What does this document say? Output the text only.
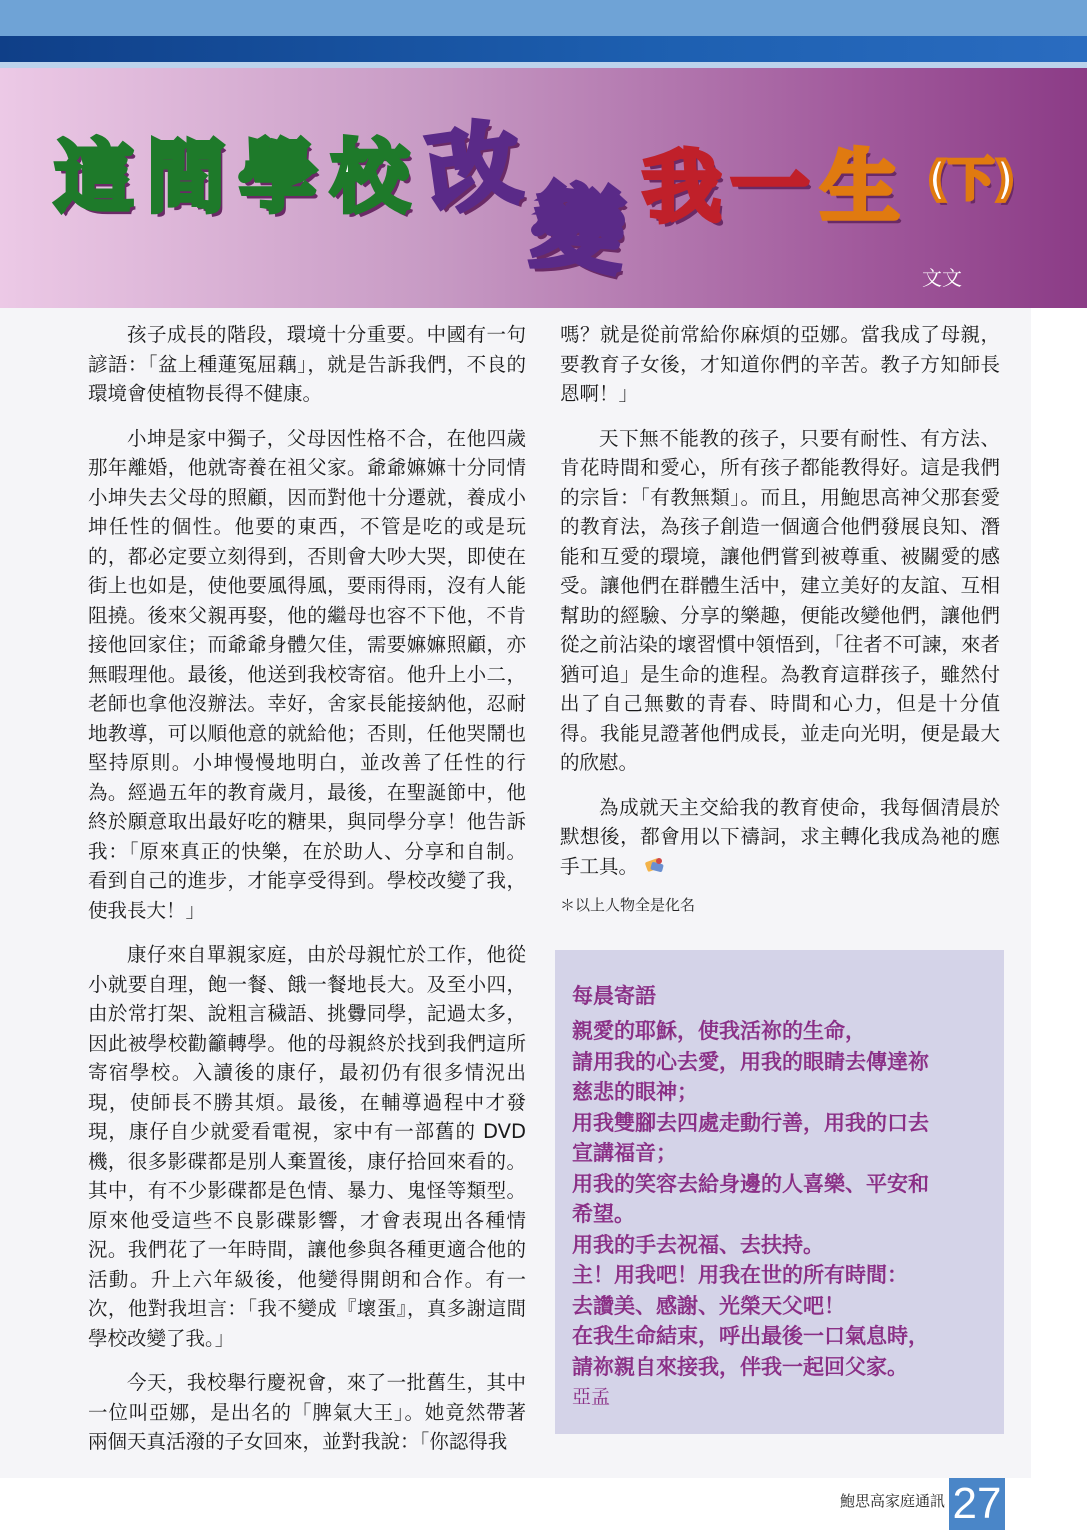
這 間 學 校 改
變 我 一 生 (下)
文文

孩子成長的階段，環境十分重要。中國有一句諺語：「盆上種蓮冤屈藕」，就是告訴我們，不良的環境會使植物長得不健康。

小坤是家中獨子，父母因性格不合，在他四歲那年離婚，他就寄養在祖父家。爺爺嫲嫲十分同情小坤失去父母的照顧，因而對他十分遷就，養成小坤任性的個性。他要的東西，不管是吃的或是玩的，都必定要立刻得到，否則會大吵大哭，即使在街上也如是，使他要風得風，要雨得雨，沒有人能阻撓。後來父親再娶，他的繼母也容不下他，不肯接他回家住；而爺爺身體欠佳，需要嫲嫲照顧，亦無暇理他。最後，他送到我校寄宿。他升上小二，老師也拿他沒辦法。幸好，舍家長能接納他，忍耐地教導，可以順他意的就給他；否則，任他哭鬧也堅持原則。小坤慢慢地明白，並改善了任性的行為。經過五年的教育歲月，最後，在聖誕節中，他終於願意取出最好吃的糖果，與同學分享！他告訴我：「原來真正的快樂，在於助人、分享和自制。看到自己的進步，才能享受得到。學校改變了我，使我長大！」

康仔來自單親家庭，由於母親忙於工作，他從小就要自理，飽一餐、餓一餐地長大。及至小四，由於常打架、說粗言穢語、挑釁同學，記過太多，因此被學校勸籲轉學。他的母親終於找到我們這所寄宿學校。入讀後的康仔，最初仍有很多情況出現，使師長不勝其煩。最後，在輔導過程中才發現，康仔自少就愛看電視，家中有一部舊的 DVD 機，很多影碟都是別人棄置後，康仔拾回來看的。其中，有不少影碟都是色情、暴力、鬼怪等類型。原來他受這些不良影碟影響，才會表現出各種情況。我們花了一年時間，讓他參與各種更適合他的活動。升上六年級後，他變得開朗和合作。有一次，他對我坦言：「我不變成『壞蛋』，真多謝這間學校改變了我。」

今天，我校舉行慶祝會，來了一批舊生，其中一位叫亞娜，是出名的「脾氣大王」。她竟然帶著兩個天真活潑的子女回來，並對我說：「你認得我

嗎？就是從前常給你麻煩的亞娜。當我成了母親，要教育子女後，才知道你們的辛苦。教子方知師長恩啊！」

天下無不能教的孩子，只要有耐性、有方法、肯花時間和愛心，所有孩子都能教得好。這是我們的宗旨：「有教無類」。而且，用鮑思高神父那套愛的教育法，為孩子創造一個適合他們發展良知、潛能和互愛的環境，讓他們嘗到被尊重、被關愛的感受。讓他們在群體生活中，建立美好的友誼、互相幫助的經驗、分享的樂趣，便能改變他們，讓他們從之前沾染的壞習慣中領悟到，「往者不可諫，來者猶可追」是生命的進程。為教育這群孩子，雖然付出了自己無數的青春、時間和心力，但是十分值得。我能見證著他們成長，並走向光明，便是最大的欣慰。

為成就天主交給我的教育使命，我每個清晨於默想後，都會用以下禱詞，求主轉化我成為祂的應手工具。

＊以上人物全是化名
每晨寄語
親愛的耶穌，使我活祢的生命，
請用我的心去愛，用我的眼睛去傳達祢
慈悲的眼神；
用我雙腳去四處走動行善，用我的口去
宣講福音；
用我的笑容去給身邊的人喜樂、平安和
希望。
用我的手去祝福、去扶持。
主！用我吧！用我在世的所有時間：
去讚美、感謝、光榮天父吧！
在我生命結束，呼出最後一口氣息時，
請祢親自來接我，伴我一起回父家。
亞孟
鮑思高家庭通訊 27
